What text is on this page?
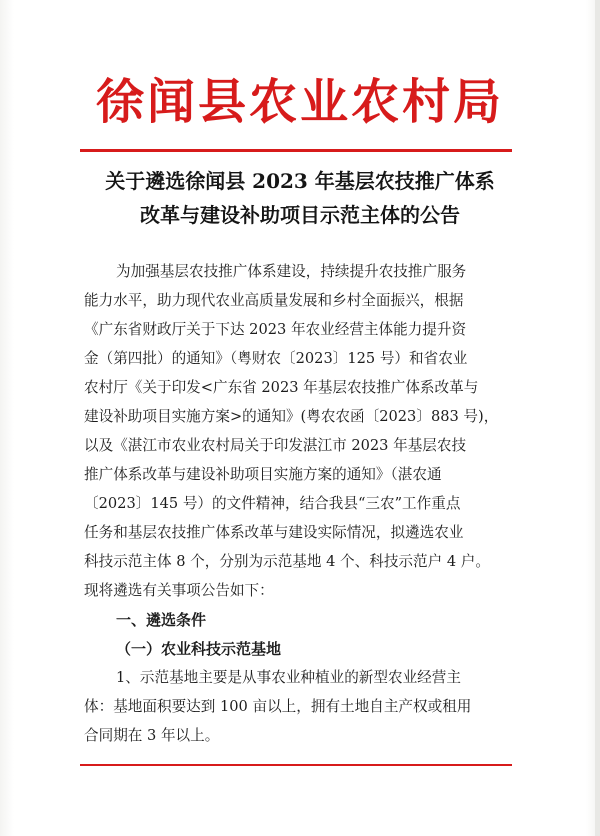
徐闻县农业农村局
关于遴选徐闻县 2023 年基层农技推广体系
改革与建设补助项目示范主体的公告
为加强基层农技推广体系建设，持续提升农技推广服务
能力水平，助力现代农业高质量发展和乡村全面振兴，根据
《广东省财政厅关于下达 2023 年农业经营主体能力提升资
金（第四批）的通知》（粤财农〔2023〕125 号）和省农业
农村厅《关于印发<广东省 2023 年基层农技推广体系改革与
建设补助项目实施方案>的通知》(粤农农函〔2023〕883 号)，
以及《湛江市农业农村局关于印发湛江市 2023 年基层农技
推广体系改革与建设补助项目实施方案的通知》（湛农通
〔2023〕145 号）的文件精神，结合我县“三农”工作重点
任务和基层农技推广体系改革与建设实际情况，拟遴选农业
科技示范主体 8 个，分别为示范基地 4 个、科技示范户 4 户。
现将遴选有关事项公告如下：
一、遴选条件
（一）农业科技示范基地
1、示范基地主要是从事农业种植业的新型农业经营主
体：基地面积要达到 100 亩以上，拥有土地自主产权或租用
合同期在 3 年以上。
